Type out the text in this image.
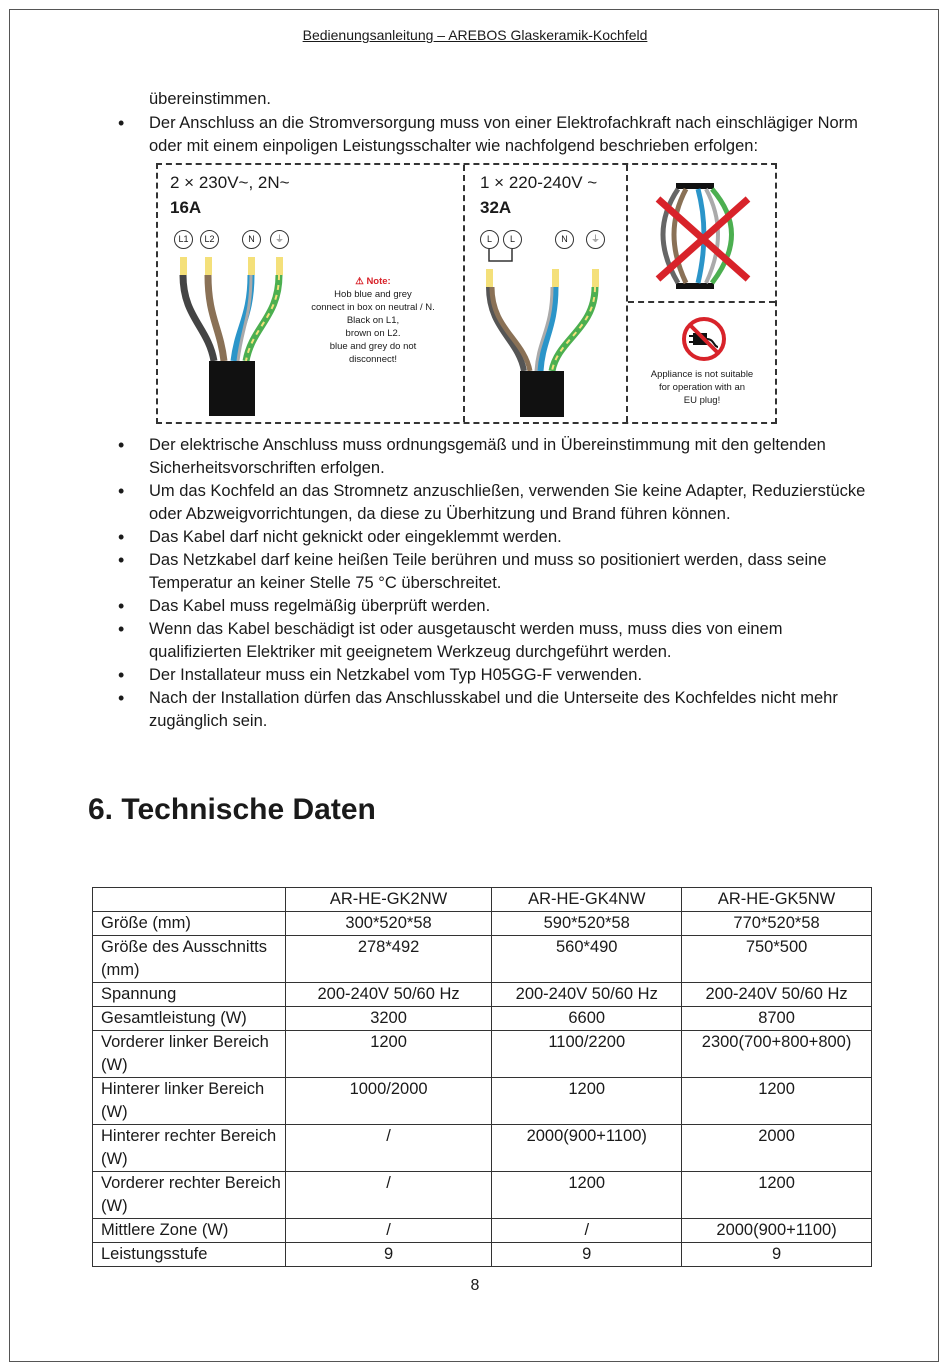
Bedienungsanleitung – AREBOS Glaskeramik-Kochfeld
übereinstimmen.
• Der Anschluss an die Stromversorgung muss von einer Elektrofachkraft nach einschlägiger Norm oder mit einem einpoligen Leistungsschalter wie nachfolgend beschrieben erfolgen:
2 × 230V~, 2N~
16A
L1	L2	N	⏚
⚠ Note:
Hob blue and grey
connect in box on neutral / N.
Black on L1,
brown on L2.
blue and grey do not
disconnect!
1 × 220-240V ~
32A
L	L	N	⏚
Appliance is not suitable
for operation with an
EU plug!
• Der elektrische Anschluss muss ordnungsgemäß und in Übereinstimmung mit den geltenden Sicherheitsvorschriften erfolgen.
• Um das Kochfeld an das Stromnetz anzuschließen, verwenden Sie keine Adapter, Reduzierstücke oder Abzweigvorrichtungen, da diese zu Überhitzung und Brand führen können.
• Das Kabel darf nicht geknickt oder eingeklemmt werden.
• Das Netzkabel darf keine heißen Teile berühren und muss so positioniert werden, dass seine Temperatur an keiner Stelle 75 °C überschreitet.
• Das Kabel muss regelmäßig überprüft werden.
• Wenn das Kabel beschädigt ist oder ausgetauscht werden muss, muss dies von einem qualifizierten Elektriker mit geeignetem Werkzeug durchgeführt werden.
• Der Installateur muss ein Netzkabel vom Typ H05GG-F verwenden.
• Nach der Installation dürfen das Anschlusskabel und die Unterseite des Kochfeldes nicht mehr zugänglich sein.
6. Technische Daten
	AR-HE-GK2NW	AR-HE-GK4NW	AR-HE-GK5NW
Größe (mm)	300*520*58	590*520*58	770*520*58
Größe des Ausschnitts (mm)	278*492	560*490	750*500
Spannung	200-240V 50/60 Hz	200-240V 50/60 Hz	200-240V 50/60 Hz
Gesamtleistung (W)	3200	6600	8700
Vorderer linker Bereich (W)	1200	1100/2200	2300(700+800+800)
Hinterer linker Bereich (W)	1000/2000	1200	1200
Hinterer rechter Bereich (W)	/	2000(900+1100)	2000
Vorderer rechter Bereich (W)	/	1200	1200
Mittlere Zone (W)	/	/	2000(900+1100)
Leistungsstufe	9	9	9
8
